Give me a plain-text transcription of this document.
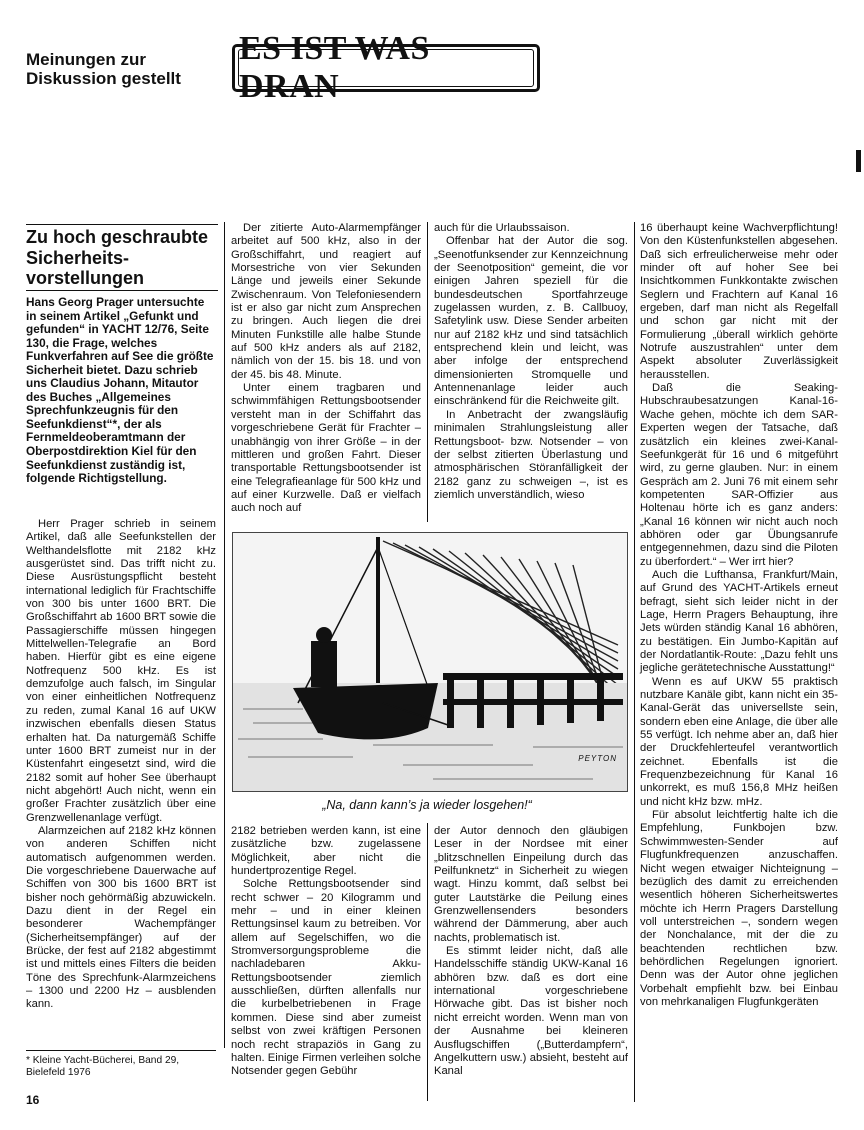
Meinungen zur
Diskussion gestellt
ES IST WAS DRAN
Zu hoch geschraubte Sicherheits-vorstellungen
Hans Georg Prager untersuchte in seinem Artikel „Gefunkt und gefunden“ in YACHT 12/76, Seite 130, die Frage, welches Funkverfahren auf See die größte Sicherheit bietet. Dazu schrieb uns Claudius Johann, Mitautor des Buches „Allgemeines Sprechfunkzeugnis für den Seefunkdienst“*, der als Fernmeldeoberamtmann der Oberpostdirektion Kiel für den Seefunkdienst zuständig ist, folgende Richtigstellung.

Herr Prager schrieb in seinem Artikel, daß alle Seefunkstellen der Welthandelsflotte mit 2182 kHz ausgerüstet sind. Das trifft nicht zu. Diese Ausrüstungspflicht besteht international lediglich für Frachtschiffe von 300 bis unter 1600 BRT. Die Großschiffahrt ab 1600 BRT sowie die Passagierschiffe müssen hingegen Mittelwellen-Telegrafie an Bord haben. Hierfür gibt es eine eigene Notfrequenz 500 kHz. Es ist demzufolge auch falsch, im Singular von einer einheitlichen Notfrequenz zu reden, zumal Kanal 16 auf UKW inzwischen ebenfalls diesen Status erhalten hat. Da naturgemäß Schiffe unter 1600 BRT zumeist nur in der Küstenfahrt eingesetzt sind, wird die 2182 somit auf hoher See überhaupt nicht abgehört! Auch nicht, wenn ein großer Frachter zusätzlich über eine Grenzwellenanlage verfügt.

Alarmzeichen auf 2182 kHz können von anderen Schiffen nicht automatisch aufgenommen werden. Die vorgeschriebene Dauerwache auf Schiffen von 300 bis 1600 BRT ist bisher noch gehörmäßig abzuwickeln. Dazu dient in der Regel ein besonderer Wachempfänger (Sicherheitsempfänger) auf der Brücke, der fest auf 2182 abgestimmt ist und mittels eines Filters die beiden Töne des Sprechfunk-Alarmzeichens – 1300 und 2200 Hz – ausblenden kann.

Der zitierte Auto-Alarmempfänger arbeitet auf 500 kHz, also in der Großschiffahrt, und reagiert auf Morsestriche von vier Sekunden Länge und jeweils einer Sekunde Zwischenraum. Von Telefoniesendern ist er also gar nicht zum Ansprechen zu bringen. Auch liegen die drei Minuten Funkstille alle halbe Stunde auf 500 kHz anders als auf 2182, nämlich von der 15. bis 18. und von der 45. bis 48. Minute.

Unter einem tragbaren und schwimmfähigen Rettungsbootsender versteht man in der Schiffahrt das vorgeschriebene Gerät für Frachter – unabhängig von ihrer Größe – in der mittleren und großen Fahrt. Dieser transportable Rettungsbootsender ist eine Telegrafieanlage für 500 kHz und auf einer Kurzwelle. Daß er vielfach auch noch auf

auch für die Urlaubssaison.

Offenbar hat der Autor die sog. „Seenotfunksender zur Kennzeichnung der Seenotposition“ gemeint, die vor einigen Jahren speziell für die bundesdeutschen Sportfahrzeuge zugelassen wurden, z. B. Callbuoy, Safetylink usw. Diese Sender arbeiten nur auf 2182 kHz und sind tatsächlich entsprechend klein und leicht, was aber infolge der entsprechend dimensionierten Stromquelle und Antennenanlage leider auch einschränkend für die Reichweite gilt.

In Anbetracht der zwangsläufig minimalen Strahlungsleistung aller Rettungsboot- bzw. Notsender – von der selbst zitierten Überlastung und atmosphärischen Störanfälligkeit der 2182 ganz zu schweigen –, ist es ziemlich unverständlich, wieso

PEYTON
„Na, dann kann’s ja wieder losgehen!“

2182 betrieben werden kann, ist eine zusätzliche bzw. zugelassene Möglichkeit, aber nicht die hundertprozentige Regel.

Solche Rettungsbootsender sind recht schwer – 20 Kilogramm und mehr – und in einer kleinen Rettungsinsel kaum zu betreiben. Vor allem auf Segelschiffen, wo die Stromversorgungsprobleme die nachladebaren Akku-Rettungsbootsender ziemlich ausschließen, dürften allenfalls nur die kurbelbetriebenen in Frage kommen. Diese sind aber zumeist selbst von zwei kräftigen Personen noch recht strapaziös in Gang zu halten. Einige Firmen verleihen solche Notsender gegen Gebühr

der Autor dennoch den gläubigen Leser in der Nordsee mit einer „blitzschnellen Einpeilung durch das Peilfunknetz“ in Sicherheit zu wiegen wagt. Hinzu kommt, daß selbst bei guter Lautstärke die Peilung eines Grenzwellensenders besonders während der Dämmerung, aber auch nachts, problematisch ist.

Es stimmt leider nicht, daß alle Handelsschiffe ständig UKW-Kanal 16 abhören bzw. daß es dort eine international vorgeschriebene Hörwache gibt. Das ist bisher noch nicht erreicht worden. Wenn man von der Ausnahme bei kleineren Ausflugschiffen („Butterdampfern“, Angelkuttern usw.) absieht, besteht auf Kanal

16 überhaupt keine Wachverpflichtung! Von den Küstenfunkstellen abgesehen. Daß sich erfreulicherweise mehr oder minder oft auf hoher See bei Insichtkommen Funkkontakte zwischen Seglern und Frachtern auf Kanal 16 ergeben, darf man nicht als Regelfall und schon gar nicht mit der Formulierung „überall wirklich gehörte Notrufe auszustrahlen“ unter dem Aspekt absoluter Zuverlässigkeit herausstellen.

Daß die Seaking-Hubschraubesatzungen Kanal-16-Wache gehen, möchte ich dem SAR-Experten wegen der Tatsache, daß zusätzlich ein kleines zwei-Kanal-Seefunkgerät für 16 und 6 mitgeführt wird, zu gerne glauben. Nur: in einem Gespräch am 2. Juni 76 mit einem sehr kompetenten SAR-Offizier aus Holtenau hörte ich es ganz anders: „Kanal 16 können wir nicht auch noch abhören oder gar Übungsanrufe entgegennehmen, dazu sind die Piloten zu überfordert.“ – Wer irrt hier?

Auch die Lufthansa, Frankfurt/Main, auf Grund des YACHT-Artikels erneut befragt, sieht sich leider nicht in der Lage, Herrn Pragers Behauptung, ihre Jets würden ständig Kanal 16 abhören, zu bestätigen. Ein Jumbo-Kapitän auf der Nordatlantik-Route: „Dazu fehlt uns jegliche gerätetechnische Ausstattung!“

Wenn es auf UKW 55 praktisch nutzbare Kanäle gibt, kann nicht ein 35-Kanal-Gerät das universellste sein, sondern eben eine Anlage, die über alle 55 verfügt. Ich nehme aber an, daß hier der Druckfehlerteufel verantwortlich zeichnet. Ebenfalls ist die Frequenzbezeichnung für Kanal 16 unkorrekt, es muß 156,8 MHz heißen und nicht kHz bzw. mHz.

Für absolut leichtfertig halte ich die Empfehlung, Funkbojen bzw. Schwimmwesten-Sender auf Flugfunkfrequenzen anzuschaffen. Nicht wegen etwaiger Nichteignung – bezüglich des damit zu erreichenden wesentlich höheren Sicherheitswertes möchte ich Herrn Pragers Darstellung voll unterstreichen –, sondern wegen der Nonchalance, mit der die zu beachtenden rechtlichen bzw. behördlichen Regelungen ignoriert. Denn was der Autor ohne jeglichen Vorbehalt empfiehlt bzw. bei Einbau von mehrkanaligen Flugfunkgeräten

* Kleine Yacht-Bücherei, Band 29, Bielefeld 1976
16
